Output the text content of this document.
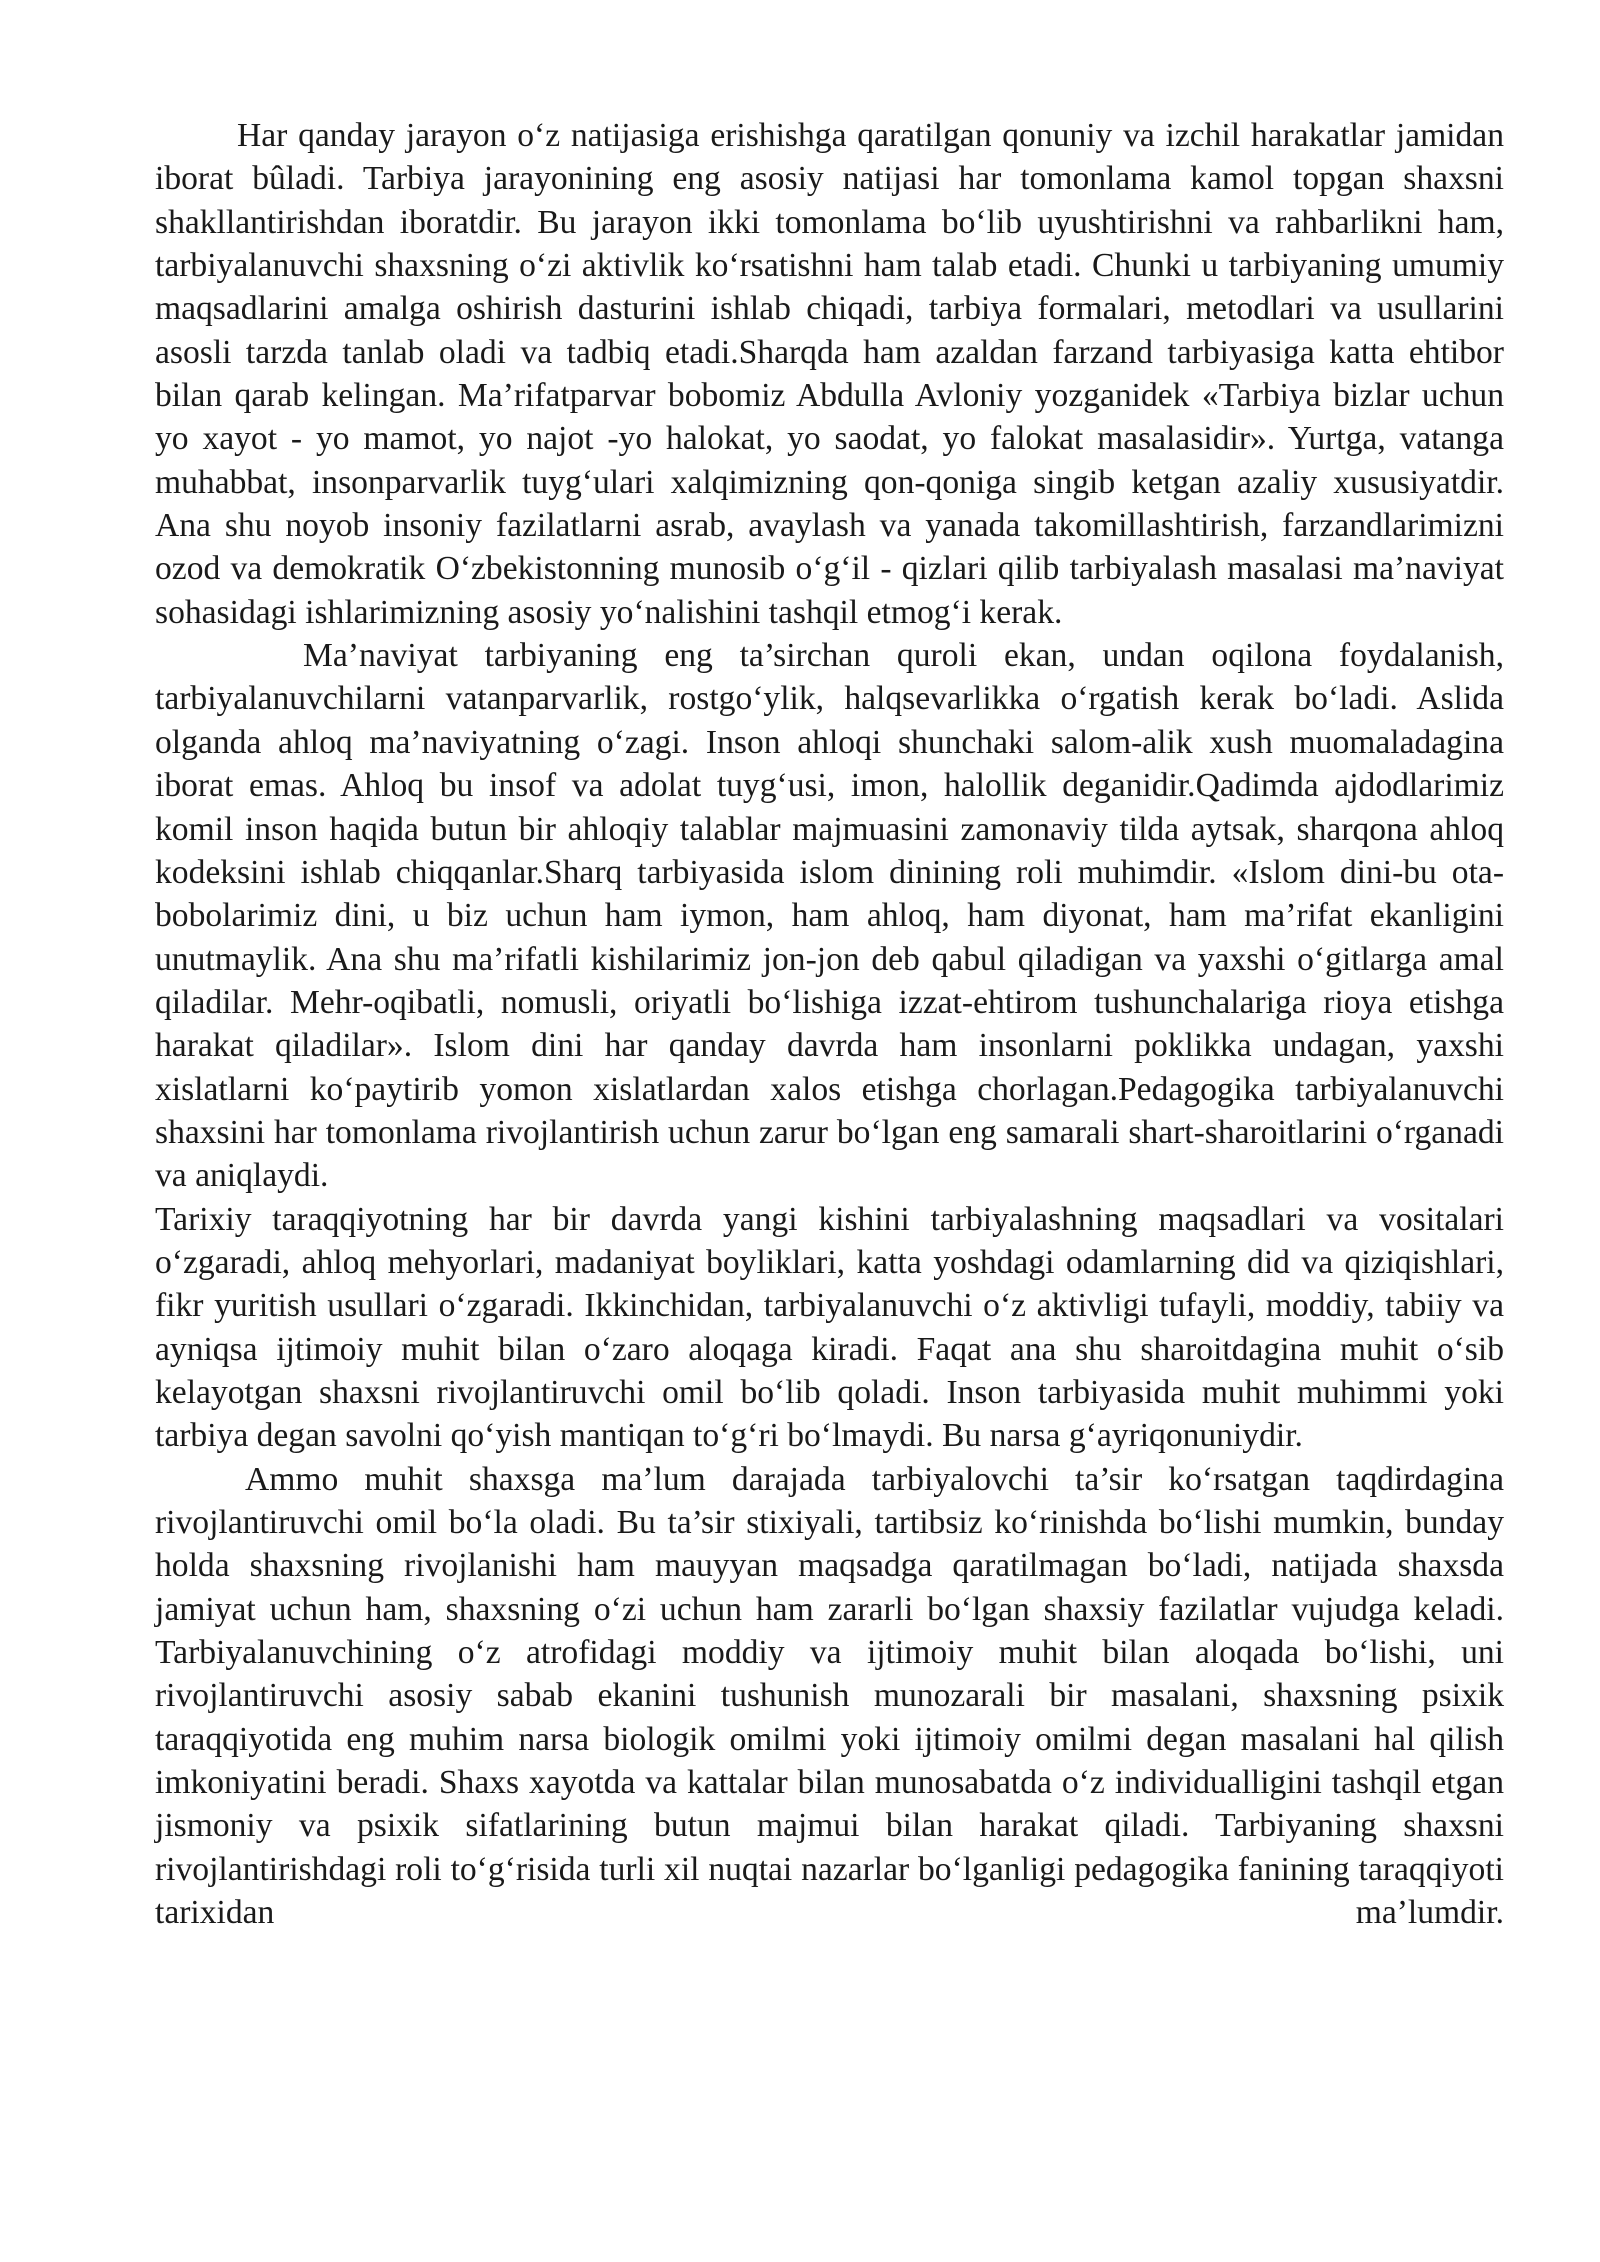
Har qanday jarayon o‘z natijasiga erishishga qaratilgan qonuniy va izchil harakatlar jamidan iborat bûladi. Tarbiya jarayonining eng asosiy natijasi har tomonlama kamol topgan shaxsni shakllantirishdan iboratdir. Bu jarayon ikki tomonlama bo‘lib uyushtirishni va rahbarlikni ham, tarbiyalanuvchi shaxsning o‘zi aktivlik ko‘rsatishni ham talab etadi. Chunki u tarbiyaning umumiy maqsadlarini amalga oshirish dasturini ishlab chiqadi, tarbiya formalari, metodlari va usullarini asosli tarzda tanlab oladi va tadbiq etadi.Sharqda ham azaldan farzand tarbiyasiga katta ehtibor bilan qarab kelingan. Ma’rifatparvar bobomiz Abdulla Avloniy yozganidek «Tarbiya bizlar uchun yo xayot - yo mamot, yo najot -yo halokat, yo saodat, yo falokat masalasidir». Yurtga, vatanga muhabbat, insonparvarlik tuyg‘ulari xalqimizning qon-qoniga singib ketgan azaliy xususiyatdir. Ana shu noyob insoniy fazilatlarni asrab, avaylash va yanada takomillashtirish, farzandlarimizni ozod va demokratik O‘zbekistonning munosib o‘g‘il - qizlari qilib tarbiyalash masalasi ma’naviyat sohasidagi ishlarimizning asosiy yo‘nalishini tashqil etmog‘i kerak.

Ma’naviyat tarbiyaning eng ta’sirchan quroli ekan, undan oqilona foydalanish, tarbiyalanuvchilarni vatanparvarlik, rostgo‘ylik, halqsevarlikka o‘rgatish kerak bo‘ladi. Aslida olganda ahloq ma’naviyatning o‘zagi. Inson ahloqi shunchaki salom-alik xush muomaladagina iborat emas. Ahloq bu insof va adolat tuyg‘usi, imon, halollik deganidir.Qadimda ajdodlarimiz komil inson haqida butun bir ahloqiy talablar majmuasini zamonaviy tilda aytsak, sharqona ahloq kodeksini ishlab chiqqanlar.Sharq tarbiyasida islom dinining roli muhimdir. «Islom dini-bu ota-bobolarimiz dini, u biz uchun ham iymon, ham ahloq, ham diyonat, ham ma’rifat ekanligini unutmaylik. Ana shu ma’rifatli kishilarimiz jon-jon deb qabul qiladigan va yaxshi o‘gitlarga amal qiladilar. Mehr-oqibatli, nomusli, oriyatli bo‘lishiga izzat-ehtirom tushunchalariga rioya etishga harakat qiladilar». Islom dini har qanday davrda ham insonlarni poklikka undagan, yaxshi xislatlarni ko‘paytirib yomon xislatlardan xalos etishga chorlagan.Pedagogika tarbiyalanuvchi shaxsini har tomonlama rivojlantirish uchun zarur bo‘lgan eng samarali shart-sharoitlarini o‘rganadi va aniqlaydi.

Tarixiy taraqqiyotning har bir davrda yangi kishini tarbiyalashning maqsadlari va vositalari o‘zgaradi, ahloq mehyorlari, madaniyat boyliklari, katta yoshdagi odamlarning did va qiziqishlari, fikr yuritish usullari o‘zgaradi. Ikkinchidan, tarbiyalanuvchi o‘z aktivligi tufayli, moddiy, tabiiy va ayniqsa ijtimoiy muhit bilan o‘zaro aloqaga kiradi. Faqat ana shu sharoitdagina muhit o‘sib kelayotgan shaxsni rivojlantiruvchi omil bo‘lib qoladi. Inson tarbiyasida muhit muhimmi yoki tarbiya degan savolni qo‘yish mantiqan to‘g‘ri bo‘lmaydi. Bu narsa g‘ayriqonuniydir.

Ammo muhit shaxsga ma’lum darajada tarbiyalovchi ta’sir ko‘rsatgan taqdirdagina rivojlantiruvchi omil bo‘la oladi. Bu ta’sir stixiyali, tartibsiz ko‘rinishda bo‘lishi mumkin, bunday holda shaxsning rivojlanishi ham mauyyan maqsadga qaratilmagan bo‘ladi, natijada shaxsda jamiyat uchun ham, shaxsning o‘zi uchun ham zararli bo‘lgan shaxsiy fazilatlar vujudga keladi. Tarbiyalanuvchining o‘z atrofidagi moddiy va ijtimoiy muhit bilan aloqada bo‘lishi, uni rivojlantiruvchi asosiy sabab ekanini tushunish munozarali bir masalani, shaxsning psixik taraqqiyotida eng muhim narsa biologik omilmi yoki ijtimoiy omilmi degan masalani hal qilish imkoniyatini beradi. Shaxs xayotda va kattalar bilan munosabatda o‘z individualligini tashqil etgan jismoniy va psixik sifatlarining butun majmui bilan harakat qiladi. Tarbiyaning shaxsni rivojlantirishdagi roli to‘g‘risida turli xil nuqtai nazarlar bo‘lganligi pedagogika fanining taraqqiyoti tarixidan ma’lumdir.
